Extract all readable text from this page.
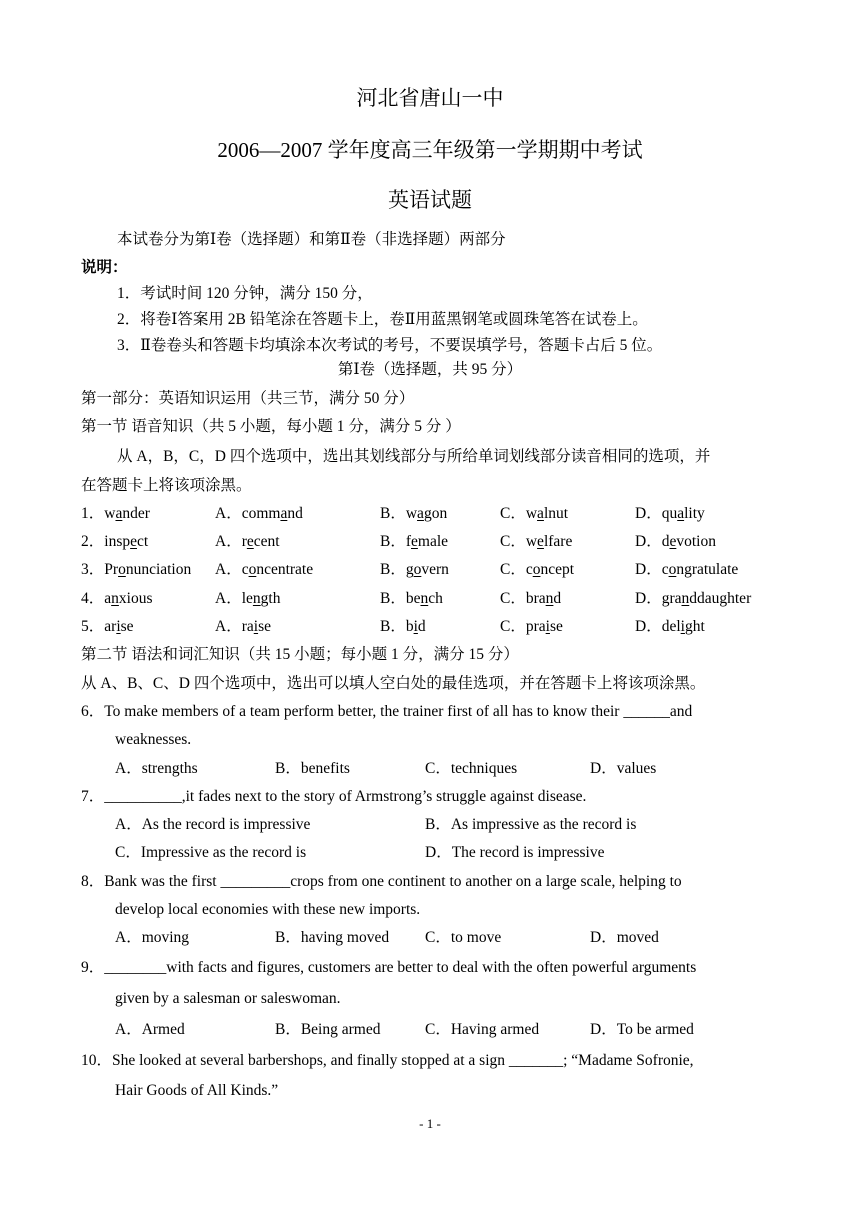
河北省唐山一中
2006—2007 学年度高三年级第一学期期中考试
英语试题
本试卷分为第Ⅰ卷（选择题）和第Ⅱ卷（非选择题）两部分
说明：
1．考试时间 120 分钟，满分 150 分，
2．将卷Ⅰ答案用 2B 铅笔涂在答题卡上，卷Ⅱ用蓝黑钢笔或圆珠笔答在试卷上。
3．Ⅱ卷卷头和答题卡均填涂本次考试的考号，不要误填学号，答题卡占后 5 位。
第Ⅰ卷（选择题，共 95 分）
第一部分：英语知识运用（共三节，满分 50 分）
第一节 语音知识（共 5 小题，每小题 1 分，满分 5 分 ）
从 A，B，C，D 四个选项中，选出其划线部分与所给单词划线部分读音相同的选项，并
在答题卡上将该项涂黑。
1．wander	A．command	B．wagon	C．walnut	D．quality
2．inspect	A．recent	B．female	C．welfare	D．devotion
3．Pronunciation A．concentrate	B．govern	C．concept	D．congratulate
4．anxious	A．length	B．bench	C．brand	D．granddaughter
5．arise	A．raise	B．bid	C．praise	D．delight
第二节 语法和词汇知识（共 15 小题；每小题 1 分，满分 15 分）
从 A、B、C、D 四个选项中，选出可以填人空白处的最佳选项，并在答题卡上将该项涂黑。
6．To make members of a team perform better, the trainer first of all has to know their ______and
weaknesses.
A．strengths	B．benefits	C．techniques	D．values
7．__________,it fades next to the story of Armstrong’s struggle against disease.
A．As the record is impressive	B．As impressive as the record is
C．Impressive as the record is	D．The record is impressive
8．Bank was the first _________crops from one continent to another on a large scale, helping to
develop local economies with these new imports.
A．moving	B．having moved C．to move	D．moved
9．________with facts and figures, customers are better to deal with the often powerful arguments
given by a salesman or saleswoman.
A．Armed	B．Being armed	C．Having armed	D．To be armed
10．She looked at several barbershops, and finally stopped at a sign _______; “Madame Sofronie,
Hair Goods of All Kinds.”
- 1 -
